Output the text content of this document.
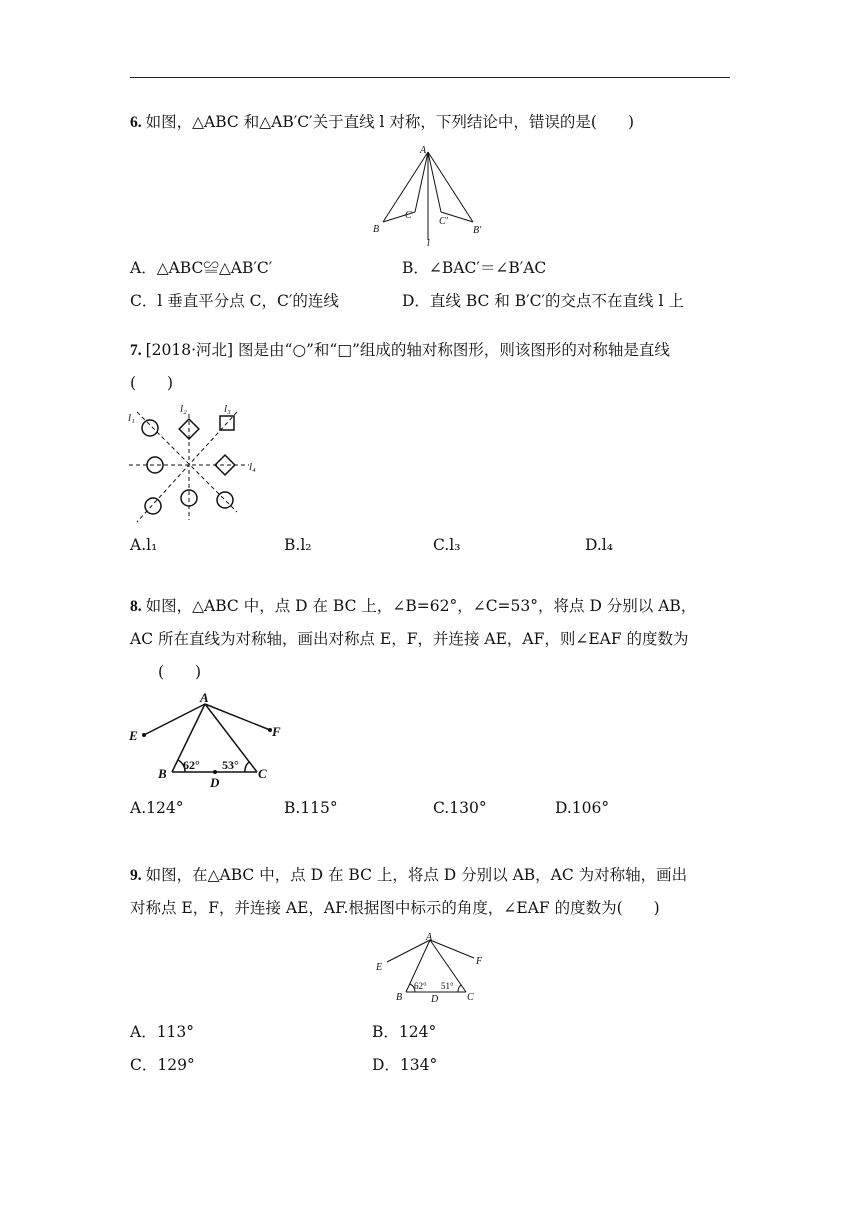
6. 如图，△ABC 和△AB′C′关于直线 l 对称，下列结论中，错误的是(　　)
A
B
C
C′
B′
l
A．△ABC≌△AB′C′	B．∠BAC′＝∠B′AC
C．l 垂直平分点 C，C′的连线	D．直线 BC 和 B′C′的交点不在直线 l 上
7. [2018·河北] 图是由“○”和“□”组成的轴对称图形，则该图形的对称轴是直线
(　　)
l₁
l₂	l₃
l₄
A.l₁	B.l₂	C.l₃	D.l₄
8. 如图，△ABC 中，点 D 在 BC 上，∠B=62°，∠C=53°，将点 D 分别以 AB，
AC 所在直线为对称轴，画出对称点 E，F，并连接 AE，AF，则∠EAF 的度数为
(　　)
A
E	F
B	C
D
62° 53°
A.124°	B.115°	C.130°	D.106°
9. 如图，在△ABC 中，点 D 在 BC 上，将点 D 分别以 AB，AC 为对称轴，画出
对称点 E，F，并连接 AE，AF.根据图中标示的角度，∠EAF 的度数为(　　)
A
E
F
B	C
D
62° 51°
A．113°	B．124°
C．129°	D．134°
